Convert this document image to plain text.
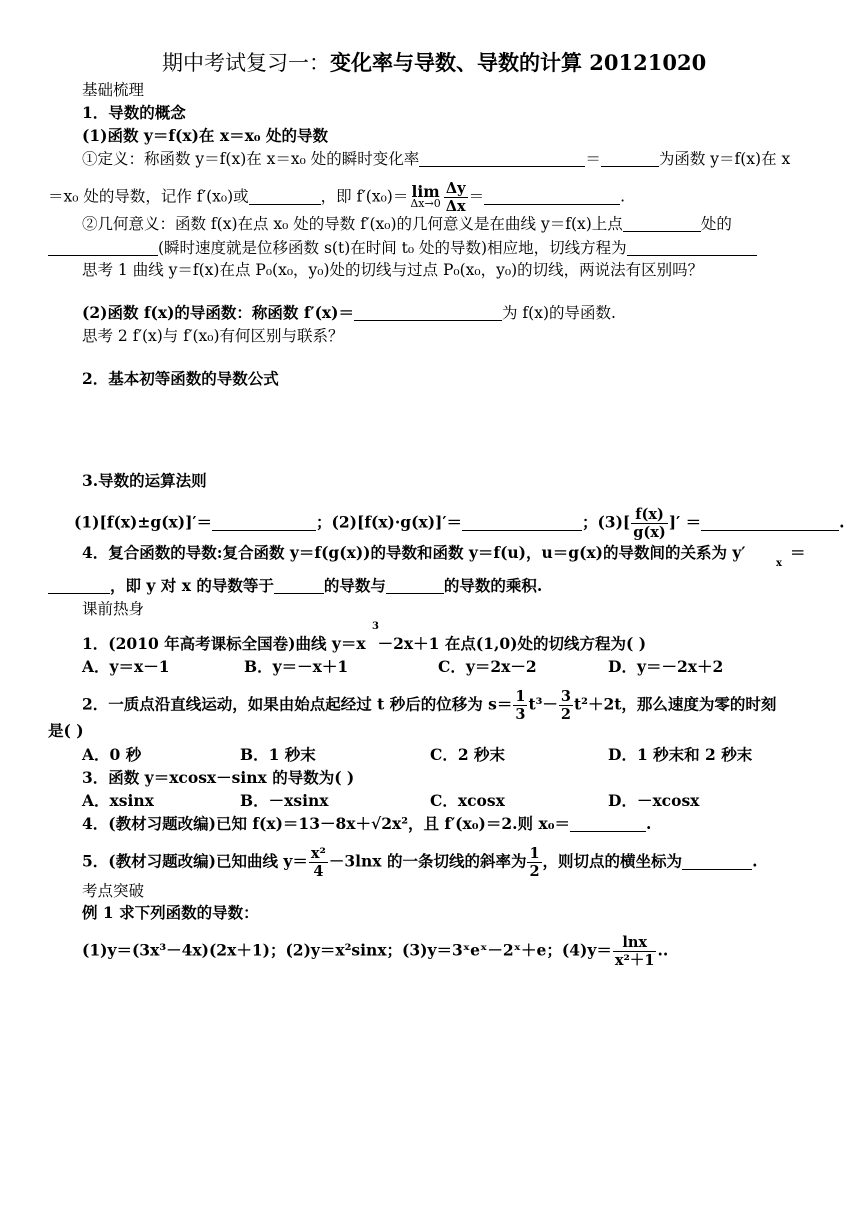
期中考试复习一：变化率与导数、导数的计算 20121020
基础梳理
1．导数的概念
(1)函数 y＝f(x)在 x＝x₀ 处的导数
①定义：称函数 y＝f(x)在 x＝x₀ 处的瞬时变化率	＝	为函数 y＝f(x)在 x
＝x₀ 处的导数，记作 f′(x₀)或	，即 f′(x₀)＝ lim
$\Delta x\to 0 \frac{\Delta y}{\Delta x}$ ＝	.
②几何意义：函数 f(x)在点 x₀ 处的导数 f′(x₀)的几何意义是在曲线 y＝f(x)上点	处的
(瞬时速度就是位移函数 s(t)在时间 t₀ 处的导数)相应地，切线方程为
思考 1 曲线 y＝f(x)在点 P₀(x₀，y₀)处的切线与过点 P₀(x₀，y₀)的切线，两说法有区别吗？
(2)函数 f(x)的导函数：称函数 f′(x)＝	为 f(x)的导函数.
思考 2 f′(x)与 f′(x₀)有何区别与联系？
2．基本初等函数的导数公式
3.导数的运算法则
(1)[f(x)±g(x)]′＝	；(2)[f(x)·g(x)]′＝	；$(3)[ \frac{f(x)}{g(x)}$ ]′ ＝	.
4．复合函数的导数:复合函数 y＝f(g(x))的导数和函数 y＝f(u)，u＝g(x)的导数间的关系为 y′
x
＝
，即 y 对 x 的导数等于	的导数与	的导数的乘积.
课前热身
3
1．(2010 年高考课标全国卷)曲线 y＝x －2x＋1 在点(1,0)处的切线方程为( )
A．y＝x－1	B．y＝－x＋1	C．y＝2x－2	D．y＝－2x＋2
2．一质点沿直线运动，如果由始点起经过 t 秒后的位移为 $s= \frac{1}{3} t^3- \frac{3}{2} t^2+2t$，那么速度为零的时刻
是( )
A．0 秒	B．1 秒末	C．2 秒末	D．1 秒末和 2 秒末
3．函数 y＝xcosx－sinx 的导数为( )
A．xsinx	B．－xsinx	C．xcosx	D．－xcosx
4．(教材习题改编)已知 f(x)＝13－8x＋√2x²，且 f′(x₀)＝2.则 x₀＝	.
5．(教材习题改编)已知曲线 $y= \frac{\text{x²}}{4} -3\ln x$ 的一条切线的斜率为 $\frac{1}{2}$ ，则切点的横坐标为	.
考点突破
例 1 求下列函数的导数：
(1)y＝(3x³－4x)(2x＋1)；(2)y＝x²sinx；(3)y＝3ˣeˣ－2ˣ＋e；$(4)y= \frac{\ln x}{\text{x²＋1}}$ ..
